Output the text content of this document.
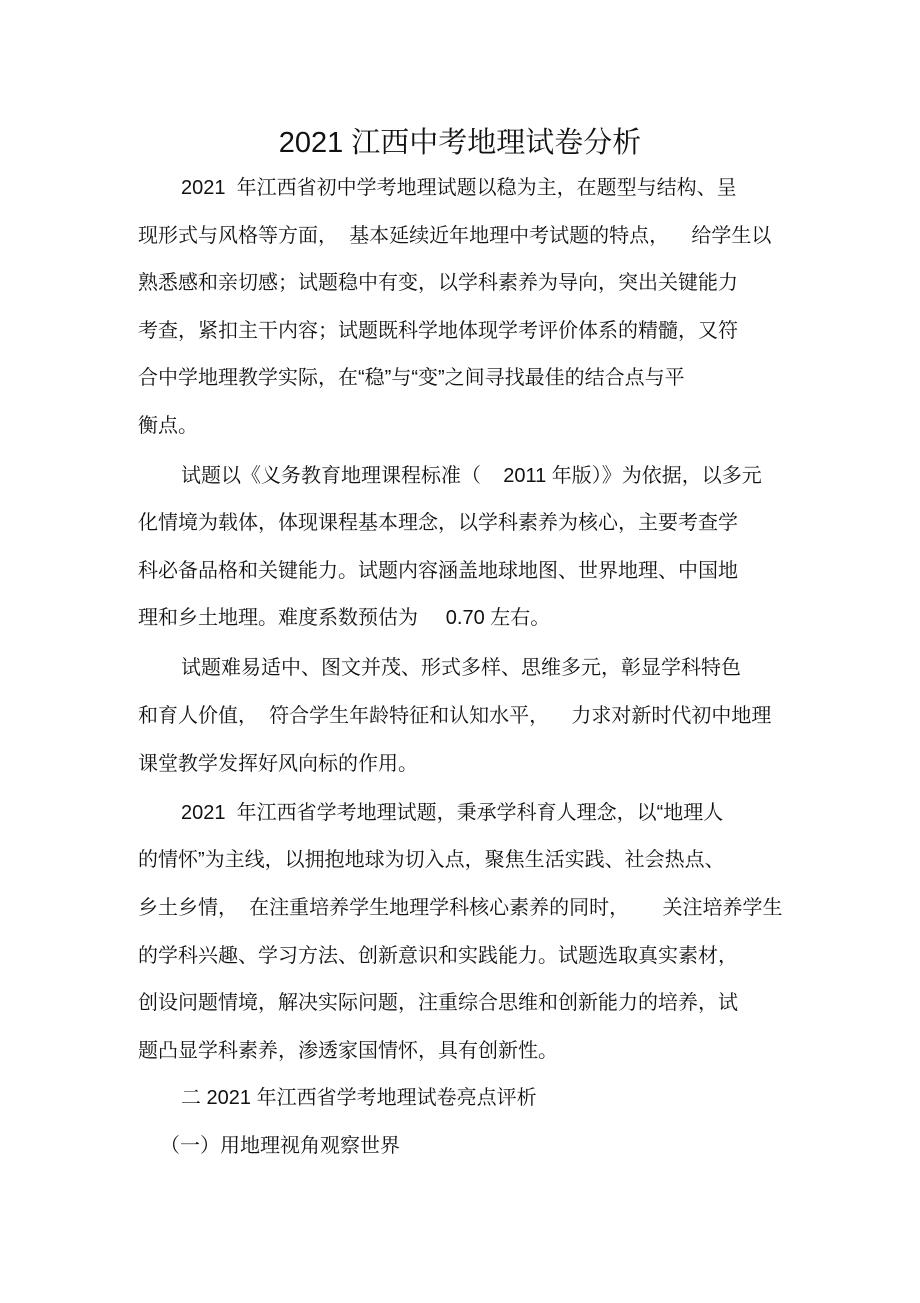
2021 江西中考地理试卷分析
2021  年江西省初中学考地理试题以稳为主，在题型与结构、呈
现形式与风格等方面，  基本延续近年地理中考试题的特点，    给学生以
熟悉感和亲切感；试题稳中有变，以学科素养为导向，突出关键能力
考查，紧扣主干内容；试题既科学地体现学考评价体系的精髓，又符
合中学地理教学实际，在“稳”与“变”之间寻找最佳的结合点与平
衡点。
试题以《义务教育地理课程标准（    2011 年版）》为依据，以多元
化情境为载体，体现课程基本理念，以学科素养为核心，主要考查学
科必备品格和关键能力。试题内容涵盖地球地图、世界地理、中国地
理和乡土地理。难度系数预估为     0.70 左右。
试题难易适中、图文并茂、形式多样、思维多元，彰显学科特色
和育人价值，  符合学生年龄特征和认知水平，    力求对新时代初中地理
课堂教学发挥好风向标的作用。
2021  年江西省学考地理试题，秉承学科育人理念，以“地理人
的情怀”为主线，以拥抱地球为切入点，聚焦生活实践、社会热点、
乡土乡情，  在注重培养学生地理学科核心素养的同时，      关注培养学生
的学科兴趣、学习方法、创新意识和实践能力。试题选取真实素材，
创设问题情境，解决实际问题，注重综合思维和创新能力的培养，试
题凸显学科素养，渗透家国情怀，具有创新性。
二 2021 年江西省学考地理试卷亮点评析
（一）用地理视角观察世界
